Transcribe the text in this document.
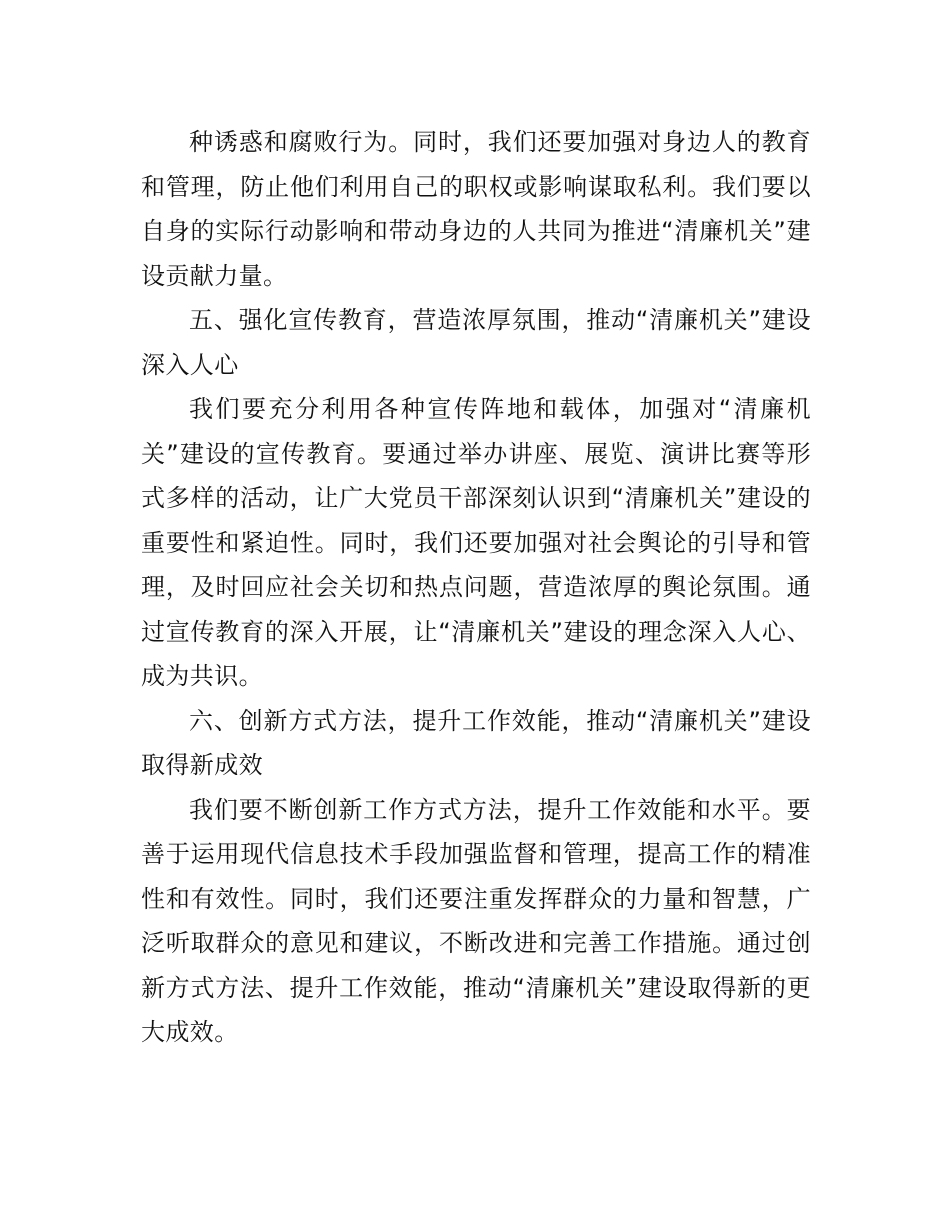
种诱惑和腐败行为。同时，我们还要加强对身边人的教育和管理，防止他们利用自己的职权或影响谋取私利。我们要以自身的实际行动影响和带动身边的人共同为推进“清廉机关”建设贡献力量。

五、强化宣传教育，营造浓厚氛围，推动“清廉机关”建设深入人心

我们要充分利用各种宣传阵地和载体，加强对“清廉机关”建设的宣传教育。要通过举办讲座、展览、演讲比赛等形式多样的活动，让广大党员干部深刻认识到“清廉机关”建设的重要性和紧迫性。同时，我们还要加强对社会舆论的引导和管理，及时回应社会关切和热点问题，营造浓厚的舆论氛围。通过宣传教育的深入开展，让“清廉机关”建设的理念深入人心、成为共识。

六、创新方式方法，提升工作效能，推动“清廉机关”建设取得新成效

我们要不断创新工作方式方法，提升工作效能和水平。要善于运用现代信息技术手段加强监督和管理，提高工作的精准性和有效性。同时，我们还要注重发挥群众的力量和智慧，广泛听取群众的意见和建议，不断改进和完善工作措施。通过创新方式方法、提升工作效能，推动“清廉机关”建设取得新的更大成效。
